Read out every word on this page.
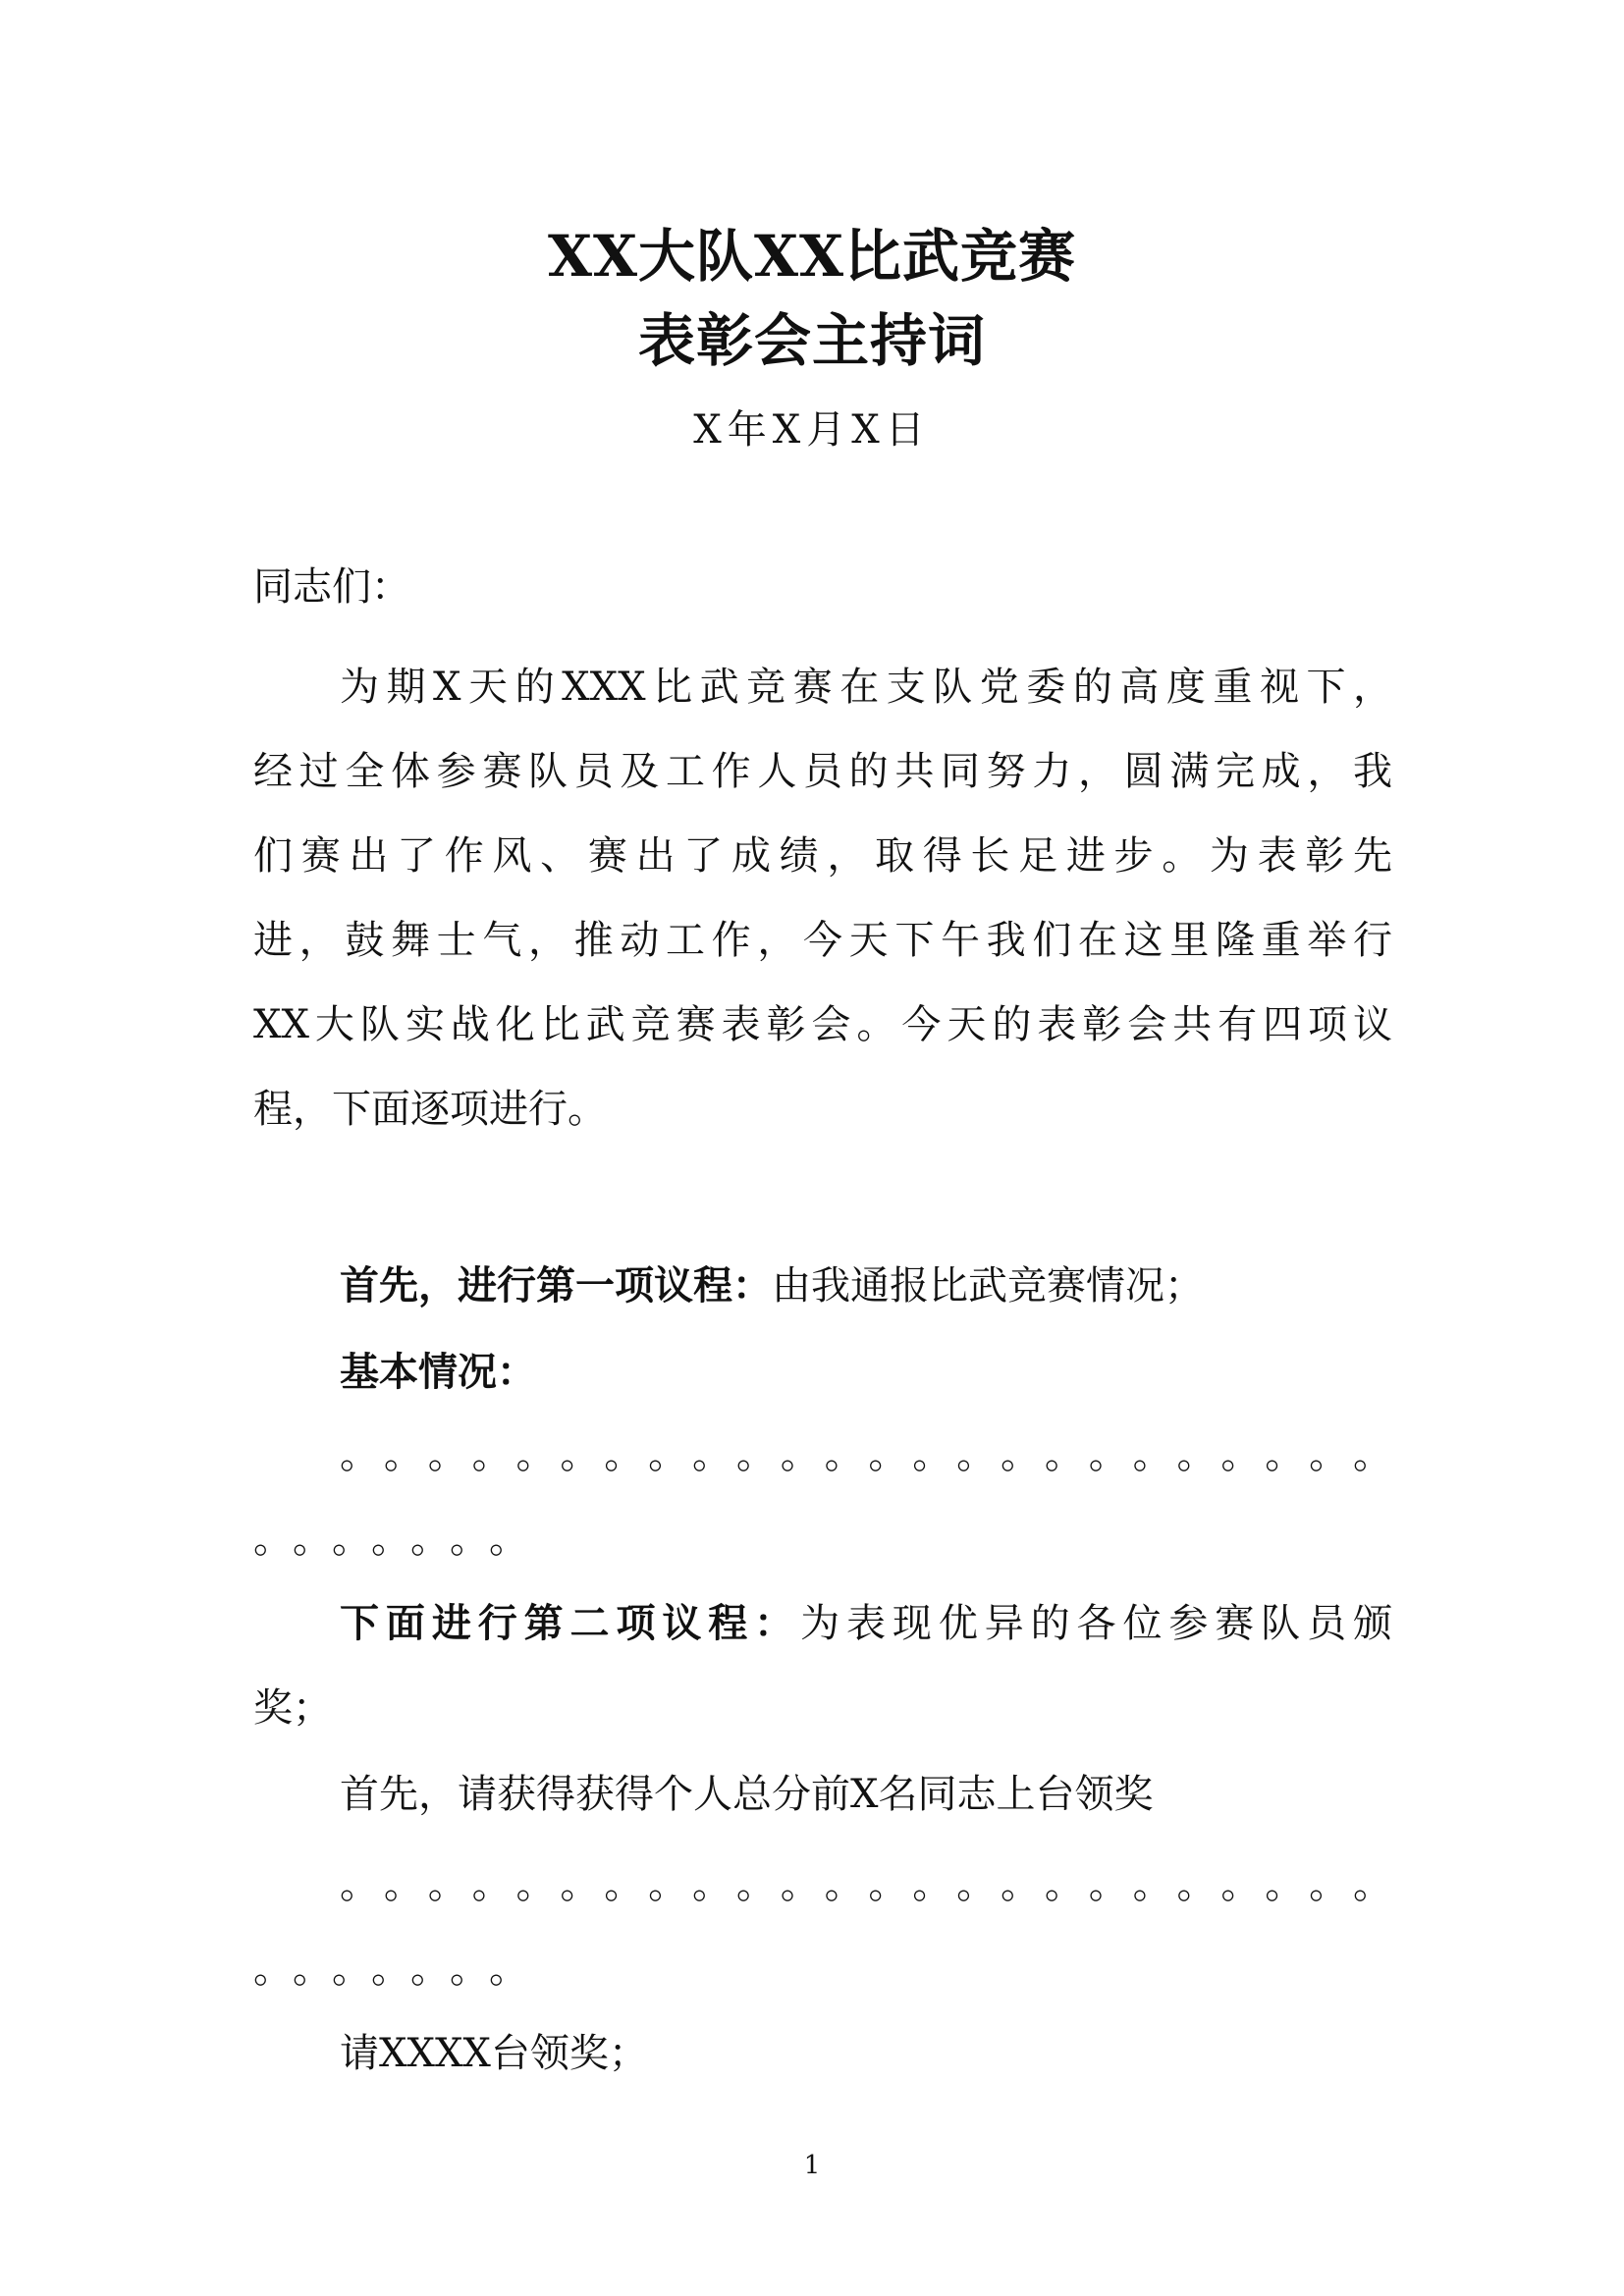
XX大队XX比武竞赛
表彰会主持词
X年X月X日
同志们：
为期X天的XXX比武竞赛在支队党委的高度重视下，
经过全体参赛队员及工作人员的共同努力，圆满完成，我
们赛出了作风、赛出了成绩，取得长足进步。为表彰先
进，鼓舞士气，推动工作，今天下午我们在这里隆重举行
XX大队实战化比武竞赛表彰会。今天的表彰会共有四项议
程，下面逐项进行。
首先，进行第一项议程：由我通报比武竞赛情况；
基本情况：
。。。。。。。。。。。。。。。。。。。。。。。。
。。。。。。。
下面进行第二项议程：为表现优异的各位参赛队员颁
奖；
首先，请获得获得个人总分前X名同志上台领奖
。。。。。。。。。。。。。。。。。。。。。。。。
。。。。。。。
请XXXX台领奖；
1
